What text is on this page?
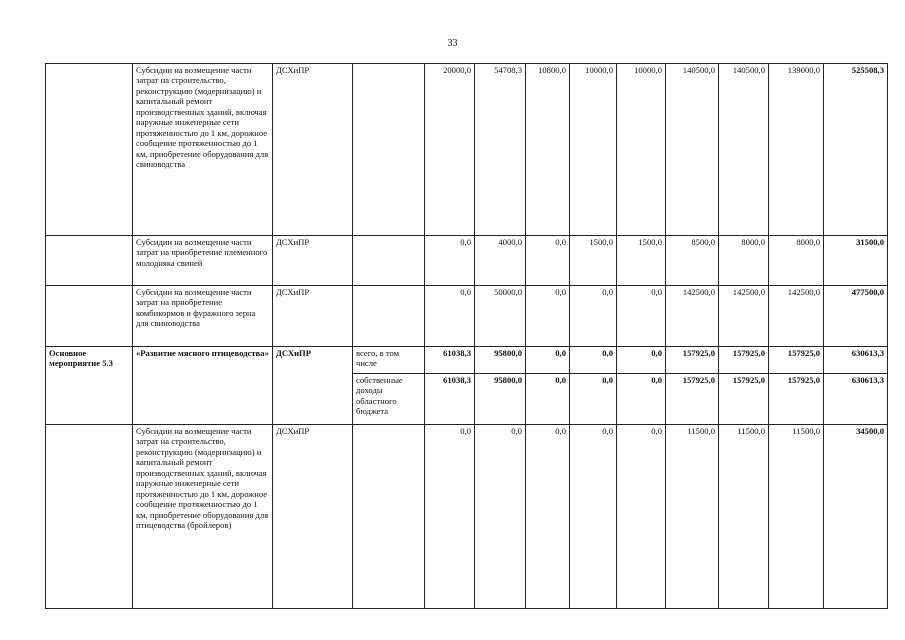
33
	Субсидии на возмещение части затрат на строительство, реконструкцию (модернизацию) и капитальный ремонт производственных зданий, включая наружные инженерные сети протяженностью до 1 км, дорожное сообщение протяженностью до 1 км, приобретение оборудования для свиноводства	ДСХиПР		20000,0	54708,3	10800,0	10000,0	10000,0	140500,0	140500,0	139000,0	525508,3
	Субсидии на возмещение части затрат на приобретение племенного молодняка свиней	ДСХиПР		0,0	4000,0	0,0	1500,0	1500,0	8500,0	8000,0	8000,0	31500,0
	Субсидии на возмещение части затрат на приобретение комбикормов и фуражного зерна для свиноводства	ДСХиПР		0,0	50000,0	0,0	0,0	0,0	142500,0	142500,0	142500,0	477500,0
Основное мероприятие 5.3	«Развитие мясного птицеводства»	ДСХиПР	всего, в том числе	61038,3	95800,0	0,0	0,0	0,0	157925,0	157925,0	157925,0	630613,3
			собственные доходы областного бюджета	61038,3	95800,0	0,0	0,0	0,0	157925,0	157925,0	157925,0	630613,3
	Субсидии на возмещение части затрат на строительство, реконструкцию (модернизацию) и капитальный ремонт производственных зданий, включая наружные инженерные сети протяженностью до 1 км, дорожное сообщение протяженностью до 1 км, приобретение оборудования для птицеводства (бройлеров)	ДСХиПР		0,0	0,0	0,0	0,0	0,0	11500,0	11500,0	11500,0	34500,0
